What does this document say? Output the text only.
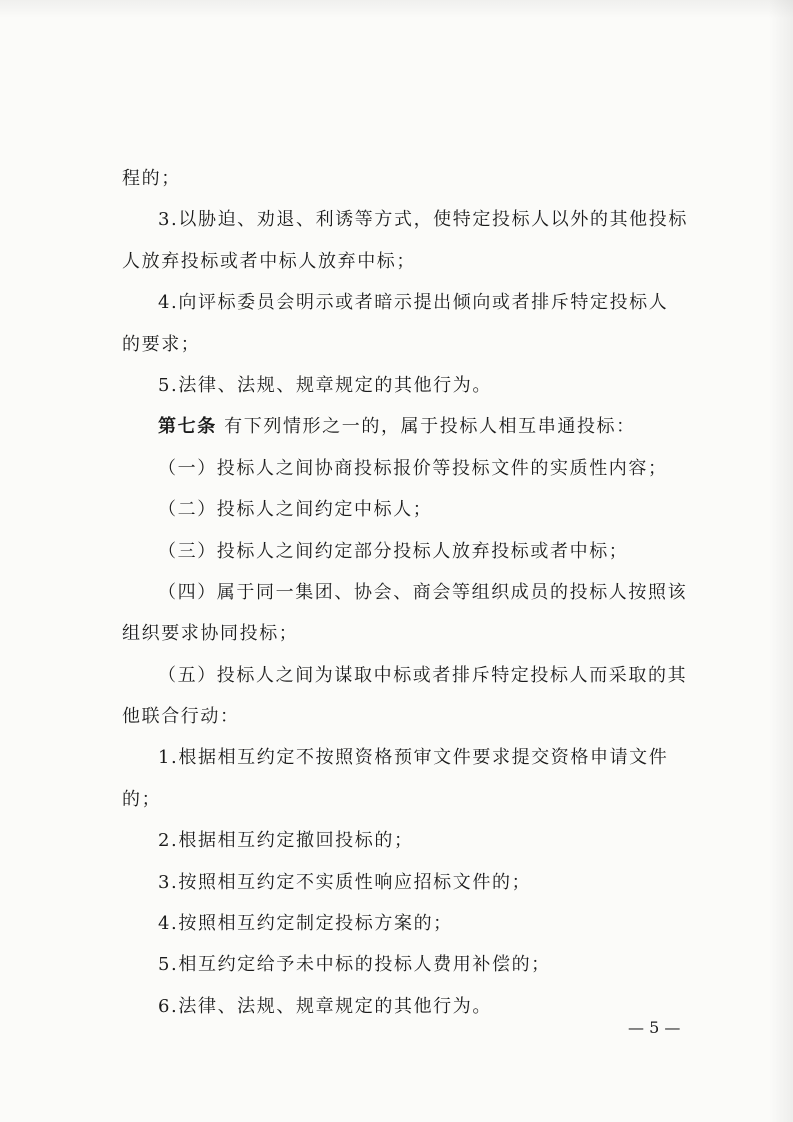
程的；

3.以胁迫、劝退、利诱等方式，使特定投标人以外的其他投标

人放弃投标或者中标人放弃中标；

4.向评标委员会明示或者暗示提出倾向或者排斥特定投标人

的要求；

5.法律、法规、规章规定的其他行为。

第七条 有下列情形之一的，属于投标人相互串通投标：

（一）投标人之间协商投标报价等投标文件的实质性内容；

（二）投标人之间约定中标人；

（三）投标人之间约定部分投标人放弃投标或者中标；

（四）属于同一集团、协会、商会等组织成员的投标人按照该

组织要求协同投标；

（五）投标人之间为谋取中标或者排斥特定投标人而采取的其

他联合行动：

1.根据相互约定不按照资格预审文件要求提交资格申请文件

的；

2.根据相互约定撤回投标的；

3.按照相互约定不实质性响应招标文件的；

4.按照相互约定制定投标方案的；

5.相互约定给予未中标的投标人费用补偿的；

6.法律、法规、规章规定的其他行为。

— 5 —
